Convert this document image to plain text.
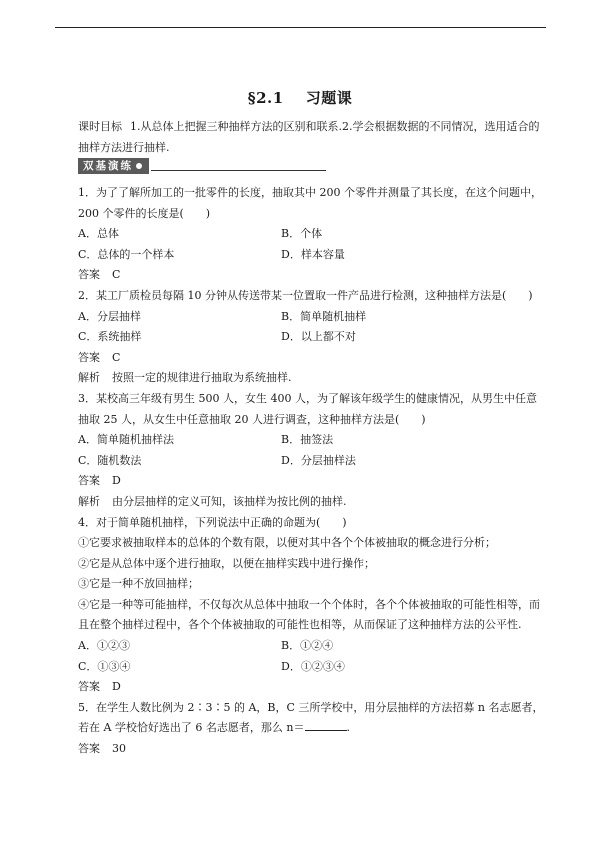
§2.1 习题课
课时目标 1.从总体上把握三种抽样方法的区别和联系.2.学会根据数据的不同情况，选用适合的抽样方法进行抽样.
双基演练
1．为了了解所加工的一批零件的长度，抽取其中 200 个零件并测量了其长度，在这个问题中，200 个零件的长度是(　　)
A．总体	B．个体
C．总体的一个样本	D．样本容量
答案 C
2．某工厂质检员每隔 10 分钟从传送带某一位置取一件产品进行检测，这种抽样方法是(　　)
A．分层抽样	B．简单随机抽样
C．系统抽样	D．以上都不对
答案 C
解析 按照一定的规律进行抽取为系统抽样.
3．某校高三年级有男生 500 人，女生 400 人，为了解该年级学生的健康情况，从男生中任意抽取 25 人，从女生中任意抽取 20 人进行调查，这种抽样方法是(　　)
A．简单随机抽样法	B．抽签法
C．随机数法	D．分层抽样法
答案 D
解析 由分层抽样的定义可知，该抽样为按比例的抽样.
4．对于简单随机抽样，下列说法中正确的命题为(　　)
①它要求被抽取样本的总体的个数有限，以便对其中各个个体被抽取的概念进行分析；
②它是从总体中逐个进行抽取，以便在抽样实践中进行操作；
③它是一种不放回抽样；
④它是一种等可能抽样，不仅每次从总体中抽取一个个体时，各个个体被抽取的可能性相等，而且在整个抽样过程中，各个个体被抽取的可能性也相等，从而保证了这种抽样方法的公平性.
A．①②③	B．①②④
C．①③④	D．①②③④
答案 D
5．在学生人数比例为 2∶3∶5 的 A，B，C 三所学校中，用分层抽样的方法招募 n 名志愿者，若在 A 学校恰好选出了 6 名志愿者，那么 n＝	.
答案 30
